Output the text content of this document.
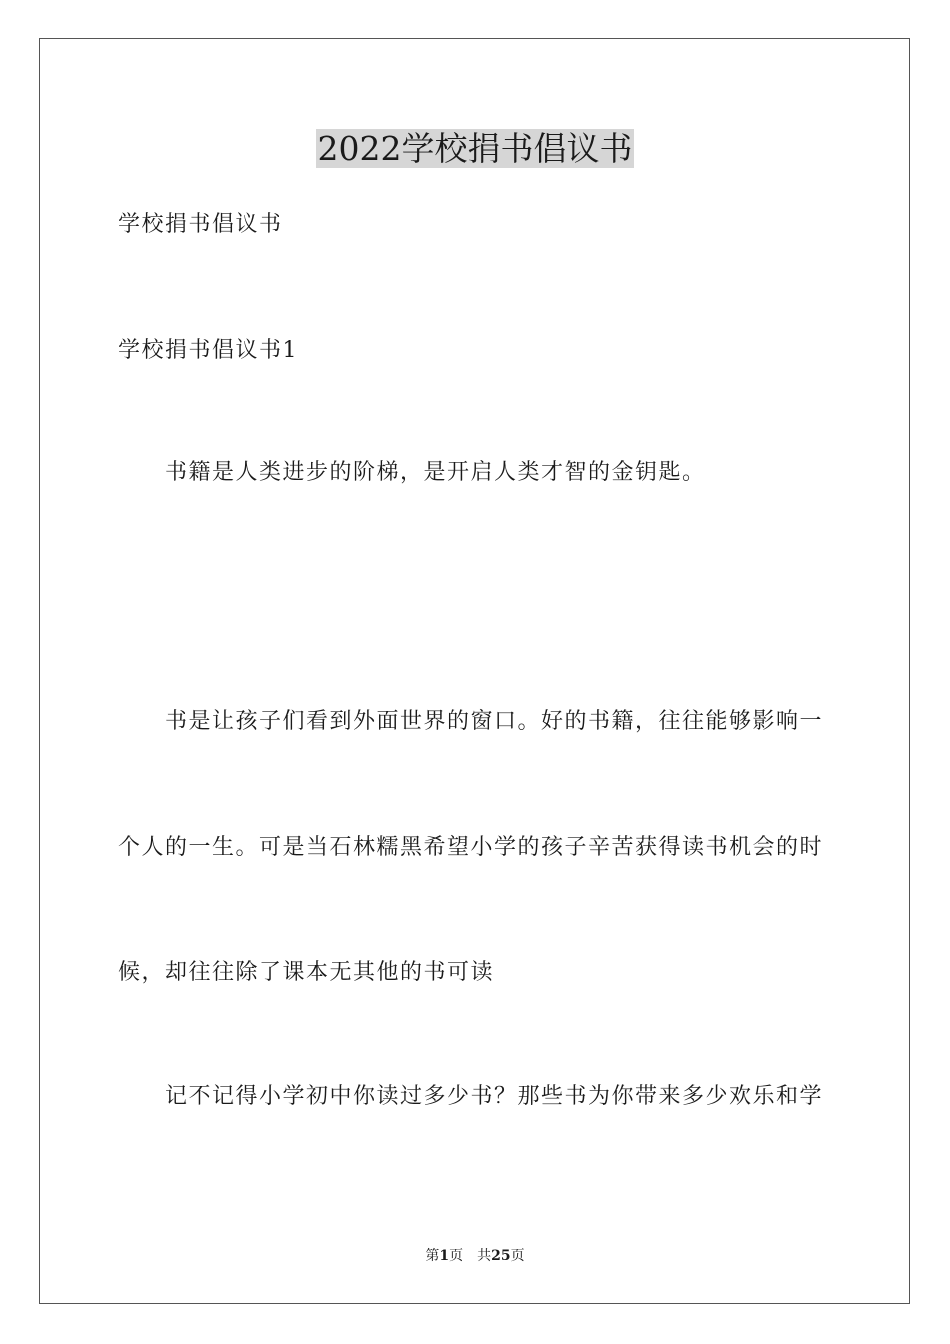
2022学校捐书倡议书
学校捐书倡议书
学校捐书倡议书1
书籍是人类进步的阶梯，是开启人类才智的金钥匙。
书是让孩子们看到外面世界的窗口。好的书籍，往往能够影响一
个人的一生。可是当石林糯黑希望小学的孩子辛苦获得读书机会的时
候，却往往除了课本无其他的书可读
记不记得小学初中你读过多少书？那些书为你带来多少欢乐和学
第1页 共25页
